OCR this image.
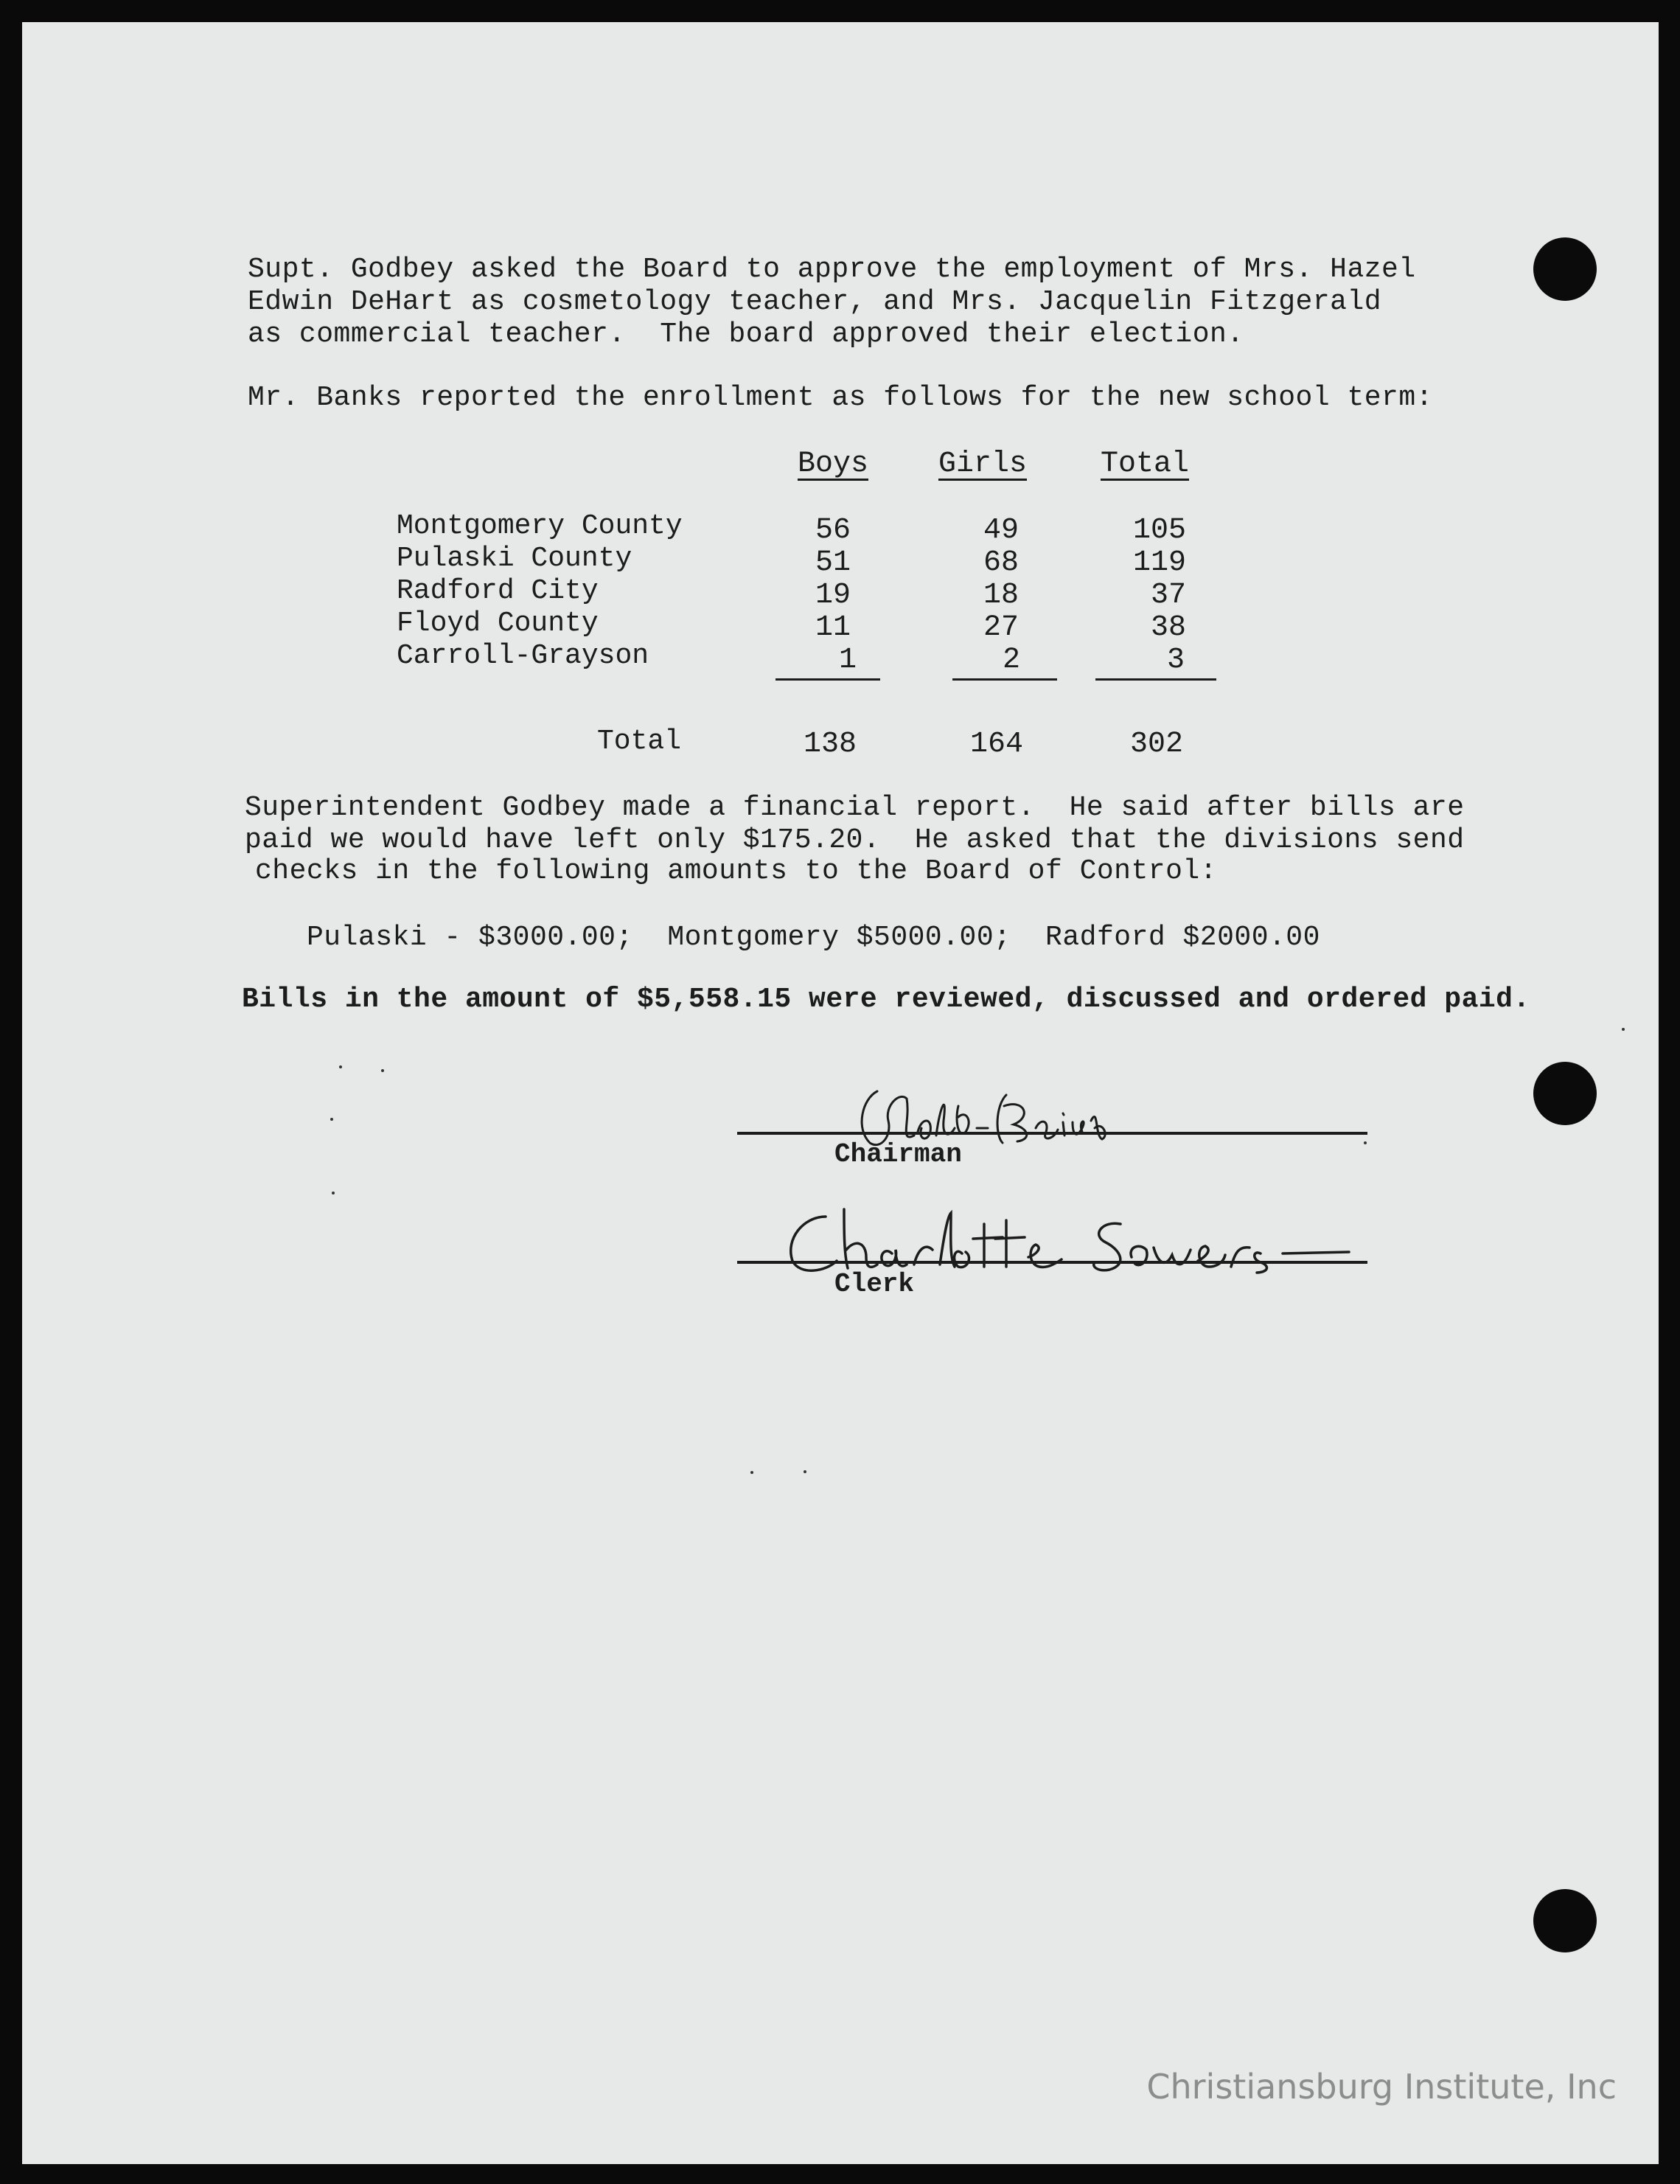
Supt. Godbey asked the Board to approve the employment of Mrs. Hazel
Edwin DeHart as cosmetology teacher, and Mrs. Jacquelin Fitzgerald
as commercial teacher.  The board approved their election.
Mr. Banks reported the enrollment as follows for the new school term:
Boys	Girls	Total
Montgomery County	56	49	105
Pulaski County	51	68	119
Radford City	19	18	37
Floyd County	11	27	38
Carroll-Grayson	1	2	3
Total	138	164	302
Superintendent Godbey made a financial report.  He said after bills are
paid we would have left only $175.20.  He asked that the divisions send
checks in the following amounts to the Board of Control:
Pulaski - $3000.00;  Montgomery $5000.00;  Radford $2000.00
Bills in the amount of $5,558.15 were reviewed, discussed and ordered paid.
Chairman
Clerk
Christiansburg Institute, Inc
